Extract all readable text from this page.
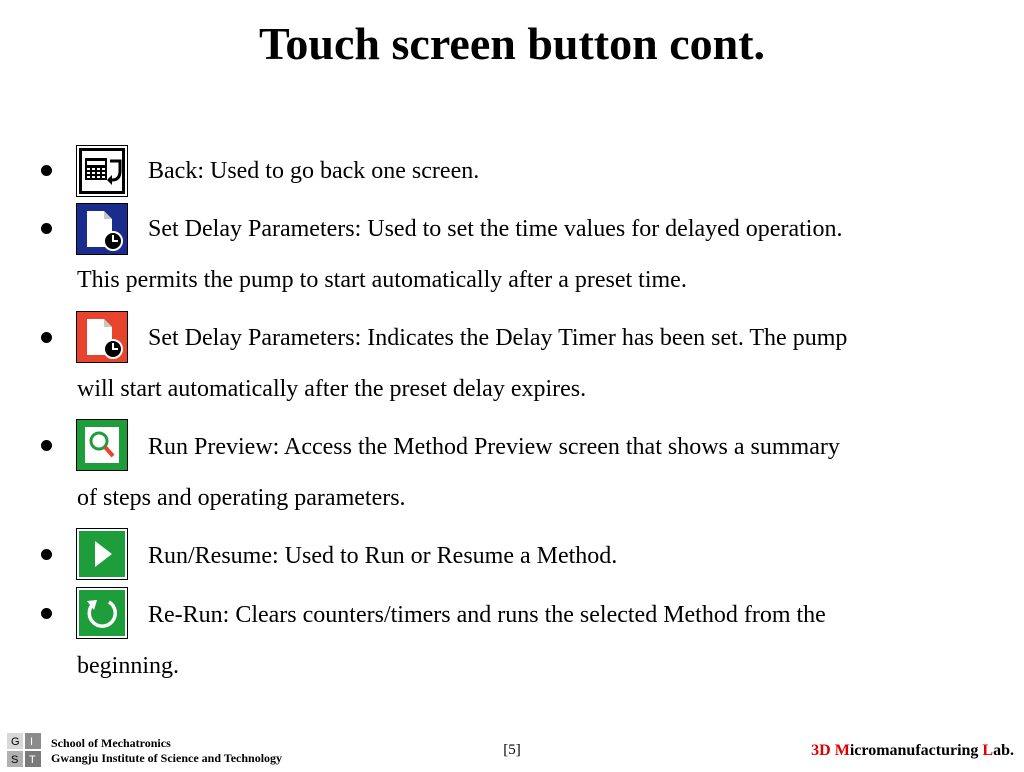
Touch screen button cont.
Back: Used to go back one screen.
Set Delay Parameters: Used to set the time values for delayed operation.
This permits the pump to start automatically after a preset time.
Set Delay Parameters: Indicates the Delay Timer has been set. The pump
will start automatically after the preset delay expires.
Run Preview: Access the Method Preview screen that shows a summary
of steps and operating parameters.
Run/Resume: Used to Run or Resume a Method.
Re-Run: Clears counters/timers and runs the selected Method from the
beginning.
G I
S T
School of Mechatronics
Gwangju Institute of Science and Technology	[5]	3D Micromanufacturing Lab.
